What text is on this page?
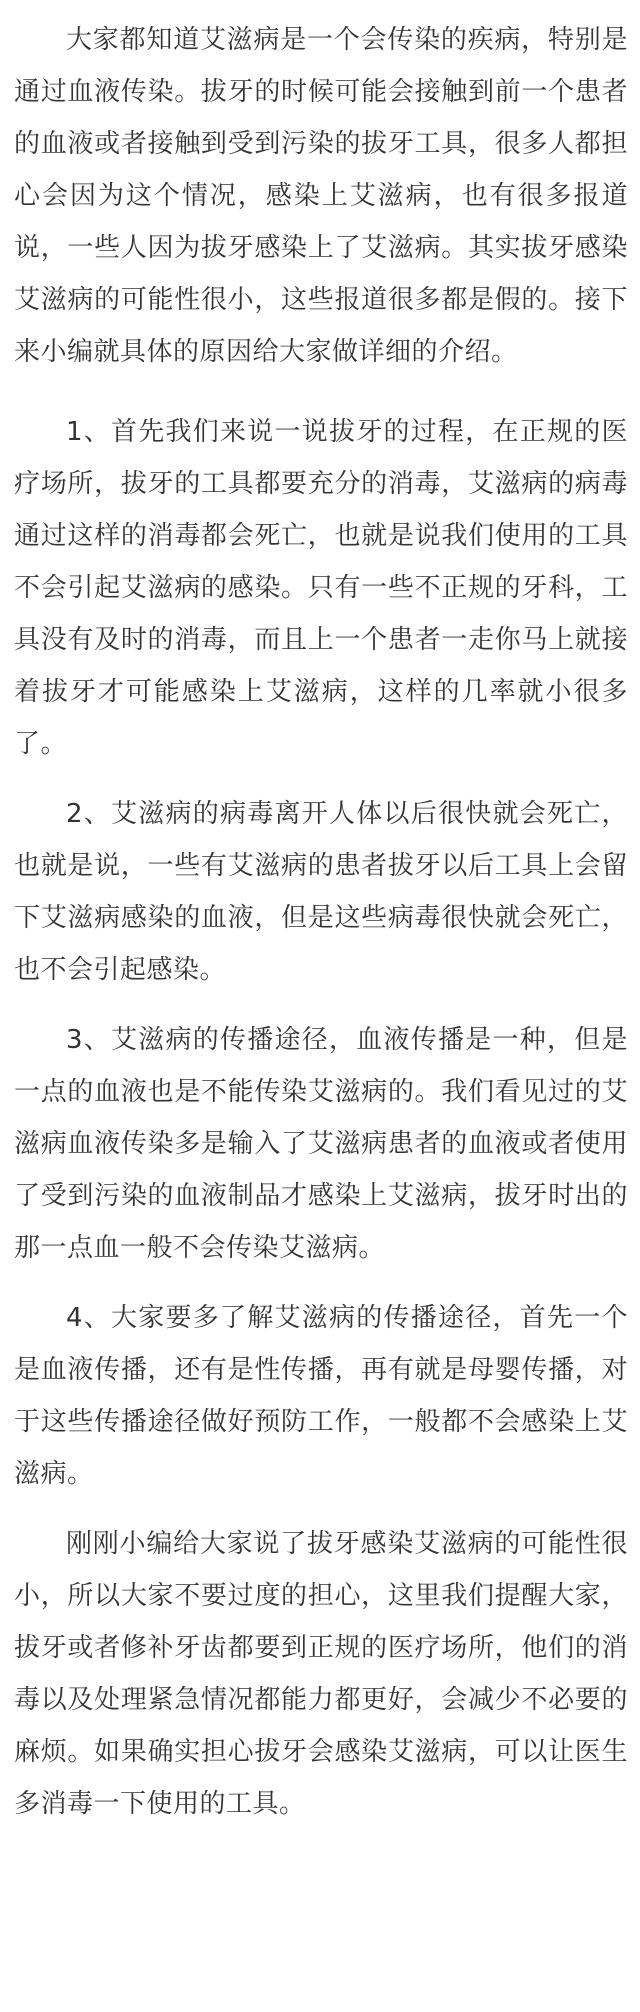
大家都知道艾滋病是一个会传染的疾病，特别是通过血液传染。拔牙的时候可能会接触到前一个患者的血液或者接触到受到污染的拔牙工具，很多人都担心会因为这个情况，感染上艾滋病，也有很多报道说，一些人因为拔牙感染上了艾滋病。其实拔牙感染艾滋病的可能性很小，这些报道很多都是假的。接下来小编就具体的原因给大家做详细的介绍。

1、首先我们来说一说拔牙的过程，在正规的医疗场所，拔牙的工具都要充分的消毒，艾滋病的病毒通过这样的消毒都会死亡，也就是说我们使用的工具不会引起艾滋病的感染。只有一些不正规的牙科，工具没有及时的消毒，而且上一个患者一走你马上就接着拔牙才可能感染上艾滋病，这样的几率就小很多了。

2、艾滋病的病毒离开人体以后很快就会死亡，也就是说，一些有艾滋病的患者拔牙以后工具上会留下艾滋病感染的血液，但是这些病毒很快就会死亡，也不会引起感染。

3、艾滋病的传播途径，血液传播是一种，但是一点的血液也是不能传染艾滋病的。我们看见过的艾滋病血液传染多是输入了艾滋病患者的血液或者使用了受到污染的血液制品才感染上艾滋病，拔牙时出的那一点血一般不会传染艾滋病。

4、大家要多了解艾滋病的传播途径，首先一个是血液传播，还有是性传播，再有就是母婴传播，对于这些传播途径做好预防工作，一般都不会感染上艾滋病。

刚刚小编给大家说了拔牙感染艾滋病的可能性很小，所以大家不要过度的担心，这里我们提醒大家，拔牙或者修补牙齿都要到正规的医疗场所，他们的消毒以及处理紧急情况都能力都更好，会减少不必要的麻烦。如果确实担心拔牙会感染艾滋病，可以让医生多消毒一下使用的工具。
